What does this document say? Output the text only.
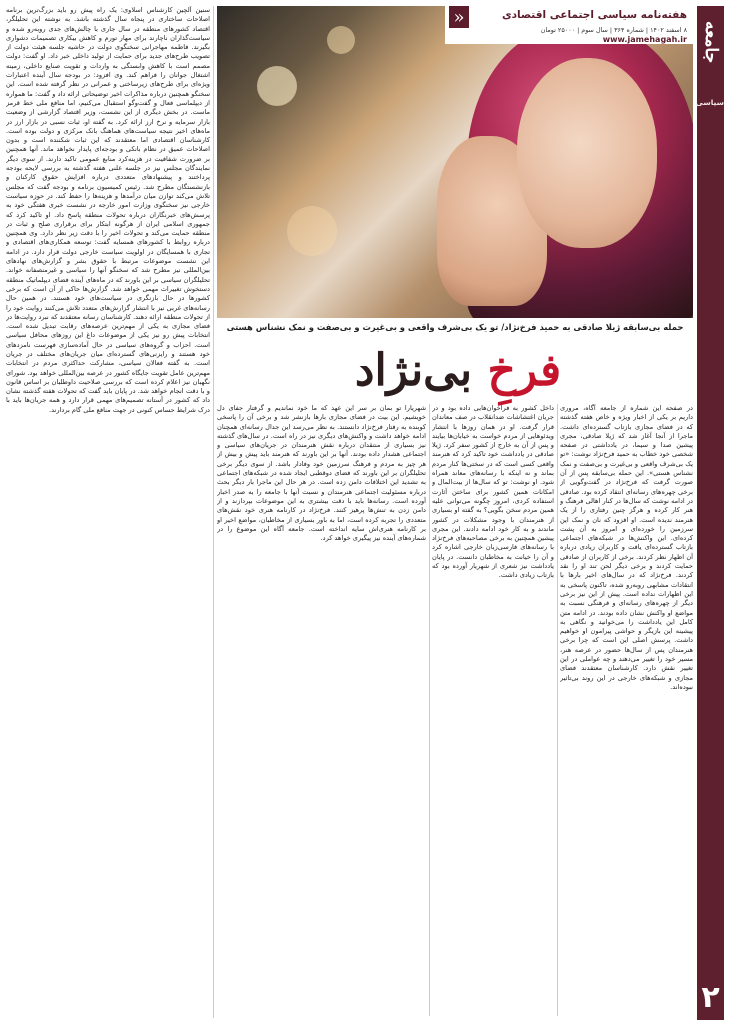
سنین آلچین کارشناس اسلاوی: یک راه پیش رو باید بزرگ‌ترین برنامه اصلاحات ساختاری در پنجاه سال گذشته باشد. به نوشته این تحلیلگر، اقتصاد کشورهای منطقه در سال جاری با چالش‌های جدی روبه‌رو شده و سیاست‌گذاران ناچارند برای مهار تورم و کاهش بیکاری تصمیمات دشواری بگیرند. فاطمه مهاجرانی سخنگوی دولت در حاشیه جلسه هیئت دولت از تصویب طرح‌های جدید برای حمایت از تولید داخلی خبر داد. او گفت: دولت مصمم است با کاهش وابستگی به واردات و تقویت صنایع داخلی، زمینه اشتغال جوانان را فراهم کند. وی افزود: در بودجه سال آینده اعتبارات ویژه‌ای برای طرح‌های زیرساختی و عمرانی در نظر گرفته شده است. این سخنگو همچنین درباره مذاکرات اخیر توضیحاتی ارائه داد و گفت: ما همواره از دیپلماسی فعال و گفت‌وگو استقبال می‌کنیم، اما منافع ملی خط قرمز ماست. در بخش دیگری از این نشست، وزیر اقتصاد گزارشی از وضعیت بازار سرمایه و نرخ ارز ارائه کرد. به گفته او، ثبات نسبی در بازار ارز در ماه‌های اخیر نتیجه سیاست‌های هماهنگ بانک مرکزی و دولت بوده است. کارشناسان اقتصادی اما معتقدند که این ثبات شکننده است و بدون اصلاحات عمیق در نظام بانکی و بودجه‌ای پایدار نخواهد ماند. آنها همچنین بر ضرورت شفافیت در هزینه‌کرد منابع عمومی تاکید دارند. از سوی دیگر نمایندگان مجلس نیز در جلسه علنی هفته گذشته به بررسی لایحه بودجه پرداختند و پیشنهادهای متعددی درباره افزایش حقوق کارکنان و بازنشستگان مطرح شد. رئیس کمیسیون برنامه و بودجه گفت که مجلس تلاش می‌کند توازن میان درآمدها و هزینه‌ها را حفظ کند. در حوزه سیاست خارجی نیز سخنگوی وزارت امور خارجه در نشست خبری هفتگی خود به پرسش‌های خبرنگاران درباره تحولات منطقه پاسخ داد. او تاکید کرد که جمهوری اسلامی ایران از هرگونه ابتکار برای برقراری صلح و ثبات در منطقه حمایت می‌کند و تحولات اخیر را با دقت زیر نظر دارد. وی همچنین درباره روابط با کشورهای همسایه گفت: توسعه همکاری‌های اقتصادی و تجاری با همسایگان در اولویت سیاست خارجی دولت قرار دارد. در ادامه این نشست موضوعات مرتبط با حقوق بشر و گزارش‌های نهادهای بین‌المللی نیز مطرح شد که سخنگو آنها را سیاسی و غیرمنصفانه خواند. تحلیلگران سیاسی بر این باورند که در ماه‌های آینده فضای دیپلماتیک منطقه دستخوش تغییرات مهمی خواهد شد. گزارش‌ها حاکی از آن است که برخی کشورها در حال بازنگری در سیاست‌های خود هستند. در همین حال رسانه‌های غربی نیز با انتشار گزارش‌های متعدد تلاش می‌کنند روایت خود را از تحولات منطقه ارائه دهند. کارشناسان رسانه معتقدند که نبرد روایت‌ها در فضای مجازی به یکی از مهم‌ترین عرصه‌های رقابت تبدیل شده است. انتخابات پیش رو نیز یکی از موضوعات داغ این روزهای محافل سیاسی است. احزاب و گروه‌های سیاسی در حال آماده‌سازی فهرست نامزدهای خود هستند و رایزنی‌های گسترده‌ای میان جریان‌های مختلف در جریان است. به گفته فعالان سیاسی، مشارکت حداکثری مردم در انتخابات مهم‌ترین عامل تقویت جایگاه کشور در عرصه بین‌المللی خواهد بود. شورای نگهبان نیز اعلام کرده است که بررسی صلاحیت داوطلبان بر اساس قانون و با دقت انجام خواهد شد. در پایان باید گفت که تحولات هفته گذشته نشان داد که کشور در آستانه تصمیم‌های مهمی قرار دارد و همه جریان‌ها باید با درک شرایط حساس کنونی در جهت منافع ملی گام بردارند.
هفته‌نامه سیاسی اجتماعی اقتصادی
«
۸ اسفند ۱۴۰۲ | شماره ۳۶۴ | سال سوم | ۲۵۰۰۰ تومان
www.jamehagah.ir جامعه
سیاسی
۲
حمله بی‌سابقه ژیلا صادقی به حمید فرخ‌نژاد/ تو یک بی‌شرف واقعی و بی‌غیرت و بی‌صفت و نمک نشناس هستی
فرخِ بی‌نژاد
در صفحه این شماره از جامعه آگاه، مروری داریم بر یکی از اخبار ویژه و خاص هفته گذشته که در فضای مجازی بازتاب گسترده‌ای داشت. ماجرا از آنجا آغاز شد که ژیلا صادقی، مجری پیشین صدا و سیما، در یادداشتی در صفحه شخصی خود خطاب به حمید فرخ‌نژاد نوشت: «تو یک بی‌شرف واقعی و بی‌غیرت و بی‌صفت و نمک نشناس هستی». این حمله بی‌سابقه پس از آن صورت گرفت که فرخ‌نژاد در گفت‌وگویی از برخی چهره‌های رسانه‌ای انتقاد کرده بود. صادقی در ادامه نوشت که سال‌ها در کنار اهالی فرهنگ و هنر کار کرده و هرگز چنین رفتاری را از یک هنرمند ندیده است. او افزود که نان و نمک این سرزمین را خورده‌ای و امروز به آن پشت کرده‌ای. این واکنش‌ها در شبکه‌های اجتماعی بازتاب گسترده‌ای یافت و کاربران زیادی درباره آن اظهار نظر کردند. برخی از کاربران از صادقی حمایت کردند و برخی دیگر لحن تند او را نقد کردند. فرخ‌نژاد که در سال‌های اخیر بارها با انتقادات مشابهی روبه‌رو شده، تاکنون پاسخی به این اظهارات نداده است. پیش از این نیز برخی دیگر از چهره‌های رسانه‌ای و فرهنگی نسبت به مواضع او واکنش نشان داده بودند. در ادامه متن کامل این یادداشت را می‌خوانید و نگاهی به پیشینه این بازیگر و حواشی پیرامون او خواهیم داشت. پرسش اصلی این است که چرا برخی هنرمندان پس از سال‌ها حضور در عرصه هنر، مسیر خود را تغییر می‌دهند و چه عواملی در این تغییر نقش دارد. کارشناسان معتقدند فضای مجازی و شبکه‌های خارجی در این روند بی‌تاثیر نبوده‌اند.
داخل کشور به فراخوان‌هایی داده بود و در جریان اغتشاشات ضدانقلاب در صف معاندان قرار گرفت. او در همان روزها با انتشار ویدئوهایی از مردم خواست به خیابان‌ها بیایند و پس از آن به خارج از کشور سفر کرد. ژیلا صادقی در یادداشت خود تاکید کرد که هنرمند واقعی کسی است که در سختی‌ها کنار مردم بماند و نه اینکه با رسانه‌های معاند همراه شود. او نوشت: تو که سال‌ها از بیت‌المال و امکانات همین کشور برای ساختن آثارت استفاده کردی، امروز چگونه می‌توانی علیه همین مردم سخن بگویی؟ به گفته او بسیاری از هنرمندان با وجود مشکلات در کشور ماندند و به کار خود ادامه دادند. این مجری پیشین همچنین به برخی مصاحبه‌های فرخ‌نژاد با رسانه‌های فارسی‌زبان خارجی اشاره کرد و آن را خیانت به مخاطبان دانست. در پایان یادداشت نیز شعری از شهریار آورده بود که بازتاب زیادی داشت.
شهریارا تو بمان بر سر این عهد که ما خود نماندیم و گرفتار جفای دل خویشیم. این بیت در فضای مجازی بارها بازنشر شد و برخی آن را پاسخی کوبنده به رفتار فرخ‌نژاد دانستند. به نظر می‌رسد این جدال رسانه‌ای همچنان ادامه خواهد داشت و واکنش‌های دیگری نیز در راه است. در سال‌های گذشته نیز بسیاری از منتقدان درباره نقش هنرمندان در جریان‌های سیاسی و اجتماعی هشدار داده بودند. آنها بر این باورند که هنرمند باید پیش و بیش از هر چیز به مردم و فرهنگ سرزمین خود وفادار باشد. از سوی دیگر برخی تحلیلگران بر این باورند که فضای دوقطبی ایجاد شده در شبکه‌های اجتماعی به تشدید این اختلافات دامن زده است. در هر حال این ماجرا بار دیگر بحث درباره مسئولیت اجتماعی هنرمندان و نسبت آنها با جامعه را به صدر اخبار آورده است. رسانه‌ها باید با دقت بیشتری به این موضوعات بپردازند و از دامن زدن به تنش‌ها پرهیز کنند. فرخ‌نژاد در کارنامه هنری خود نقش‌های متعددی را تجربه کرده است، اما به باور بسیاری از مخاطبان، مواضع اخیر او بر کارنامه هنری‌اش سایه انداخته است. جامعه آگاه این موضوع را در شماره‌های آینده نیز پیگیری خواهد کرد.
